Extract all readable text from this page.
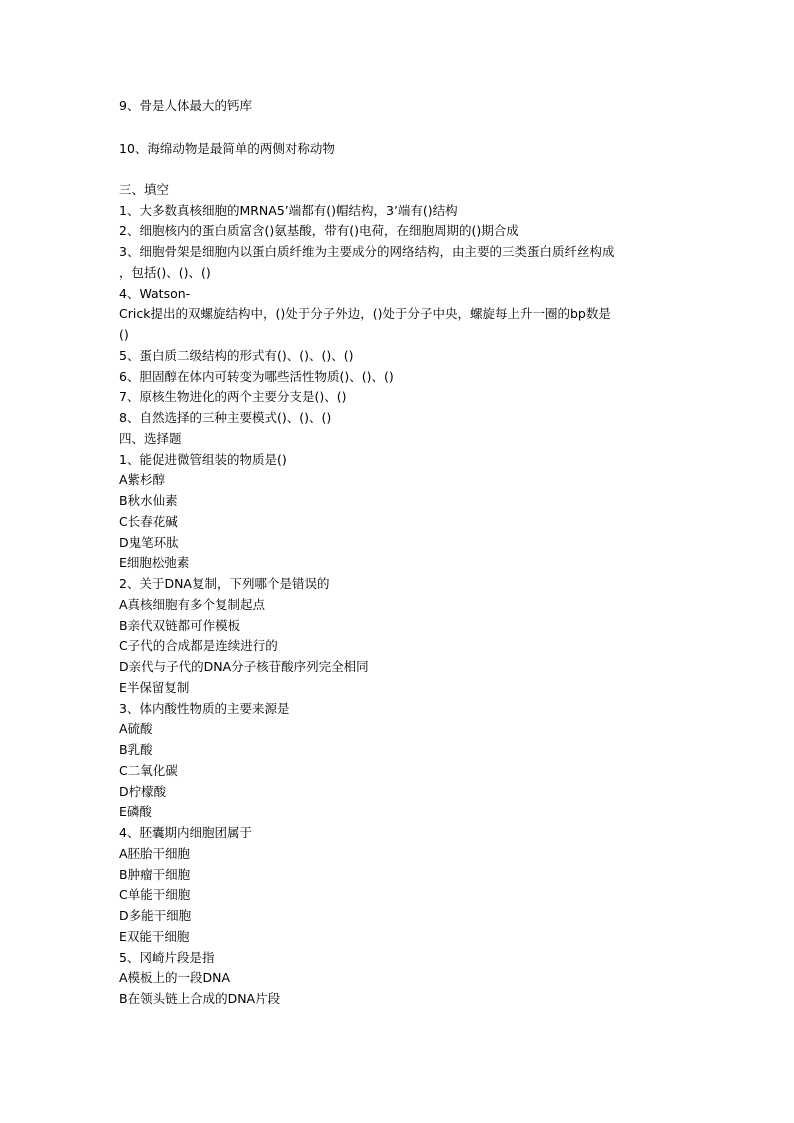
9、骨是人体最大的钙库
10、海绵动物是最简单的两侧对称动物
三、填空
1、大多数真核细胞的MRNA5’端都有()帽结构，3’端有()结构
2、细胞核内的蛋白质富含()氨基酸，带有()电荷，在细胞周期的()期合成
3、细胞骨架是细胞内以蛋白质纤维为主要成分的网络结构，由主要的三类蛋白质纤丝构成
，包括()、()、()
4、Watson-
Crick提出的双螺旋结构中，()处于分子外边，()处于分子中央，螺旋每上升一圈的bp数是
()
5、蛋白质二级结构的形式有()、()、()、()
6、胆固醇在体内可转变为哪些活性物质()、()、()
7、原核生物进化的两个主要分支是()、()
8、自然选择的三种主要模式()、()、()
四、选择题
1、能促进微管组装的物质是()
A紫杉醇
B秋水仙素
C长春花碱
D鬼笔环肽
E细胞松弛素
2、关于DNA复制，下列哪个是错误的
A真核细胞有多个复制起点
B亲代双链都可作模板
C子代的合成都是连续进行的
D亲代与子代的DNA分子核苷酸序列完全相同
E半保留复制
3、体内酸性物质的主要来源是
A硫酸
B乳酸
C二氧化碳
D柠檬酸
E磷酸
4、胚囊期内细胞团属于
A胚胎干细胞
B肿瘤干细胞
C单能干细胞
D多能干细胞
E双能干细胞
5、冈崎片段是指
A模板上的一段DNA
B在领头链上合成的DNA片段
